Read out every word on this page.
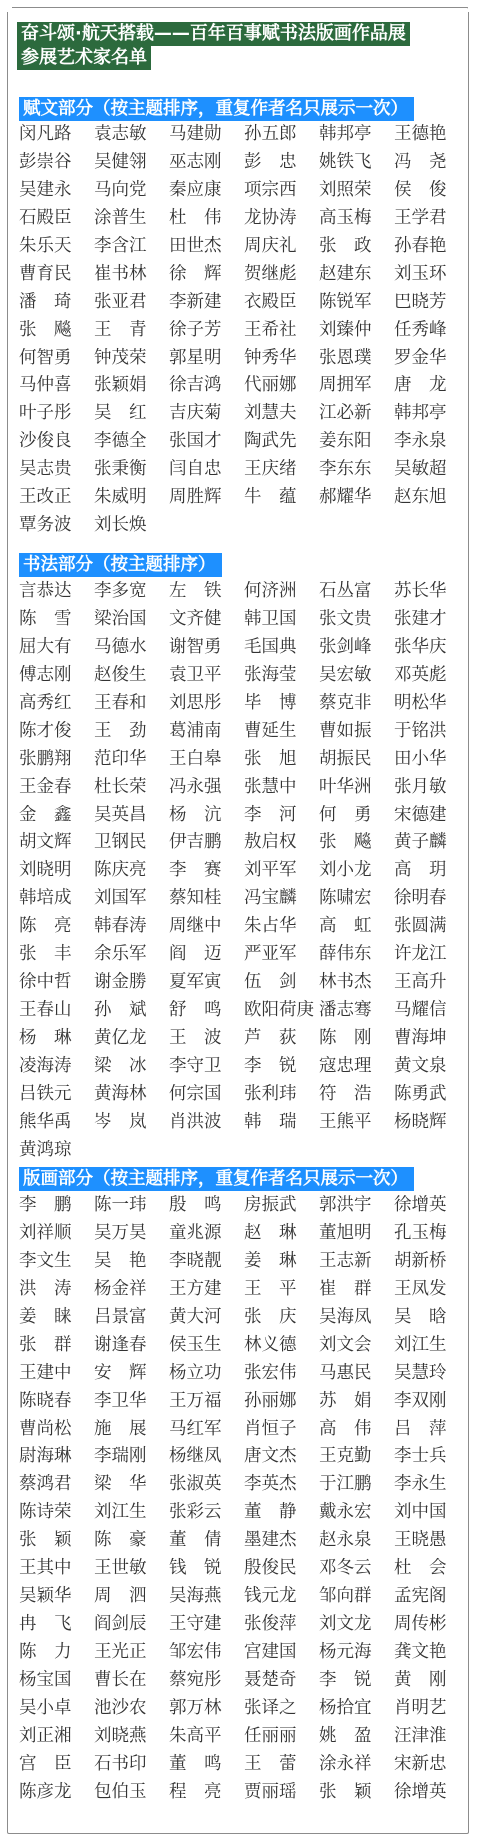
奋斗颂·航天搭载——百年百事赋书法版画作品展
参展艺术家名单
赋文部分（按主题排序，重复作者名只展示一次）
闵凡路	袁志敏	马建勋	孙五郎	韩邦亭	王德艳
彭崇谷	吴健翎	巫志刚	彭　忠	姚铁飞	冯　尧
吴建永	马向党	秦应康	项宗西	刘照荣	侯　俊
石殿臣	涂普生	杜　伟	龙协涛	高玉梅	王学君
朱乐天	李含江	田世杰	周庆礼	张　政	孙春艳
曹育民	崔书林	徐　辉	贺继彪	赵建东	刘玉环
潘　琦	张亚君	李新建	衣殿臣	陈锐军	巴晓芳
张　飚	王　青	徐子芳	王希社	刘臻仲	任秀峰
何智勇	钟茂荣	郭星明	钟秀华	张恩璞	罗金华
马仲喜	张颖娟	徐吉鸿	代丽娜	周拥军	唐　龙
叶子彤	吴　红	吉庆菊	刘慧夫	江必新	韩邦亭
沙俊良	李德全	张国才	陶武先	姜东阳	李永泉
吴志贵	张秉衡	闫自忠	王庆绪	李东东	吴敏超
王改正	朱威明	周胜辉	牛　蕴	郝耀华	赵东旭
覃务波	刘长焕
书法部分（按主题排序）
言恭达	李多宽	左　铁	何济洲	石丛富	苏长华
陈　雪	梁治国	文齐健	韩卫国	张文贵	张建才
屈大有	马德水	谢智勇	毛国典	张剑峰	张华庆
傅志刚	赵俊生	袁卫平	张海莹	吴宏敏	邓英彪
高秀红	王春和	刘思彤	毕　博	蔡克非	明松华
陈才俊	王　劲	葛浦南	曹延生	曹如振	于铭洪
张鹏翔	范印华	王白皋	张　旭	胡振民	田小华
王金春	杜长荣	冯永强	张慧中	叶华洲	张月敏
金　鑫	吴英昌	杨　沆	李　河	何　勇	宋德建
胡文辉	卫钢民	伊吉鹏	敖启权	张　飚	黄子麟
刘晓明	陈庆亮	李　赛	刘平军	刘小龙	高　玥
韩培成	刘国军	蔡知桂	冯宝麟	陈啸宏	徐明春
陈　亮	韩春涛	周继中	朱占华	高　虹	张圆满
张　丰	余乐军	阎　迈	严亚军	薛伟东	许龙江
徐中哲	谢金勝	夏军寅	伍　剑	林书杰	王高升
王春山	孙　斌	舒　鸣	欧阳荷庚 潘志骞	马耀信
杨　琳	黄亿龙	王　波	芦　荻	陈　刚	曹海坤
凌海涛	梁　冰	李守卫	李　锐	寇忠理	黄文泉
吕铁元	黄海林	何宗国	张利玮	符　浩	陈勇武
熊华禹	岑　岚	肖洪波	韩　瑞	王熊平	杨晓辉
黄鸿琼
版画部分（按主题排序，重复作者名只展示一次）
李　鹏	陈一玮	殷　鸣	房振武	郭洪宇	徐增英
刘祥顺	吴万昊	童兆源	赵　琳	董旭明	孔玉梅
李文生	吴　艳	李晓靓	姜　琳	王志新	胡新桥
洪　涛	杨金祥	王方建	王　平	崔　群	王凤发
姜　睐	吕景富	黄大河	张　庆	吴海凤	吴　晗
张　群	谢逢春	侯玉生	林义德	刘文会	刘江生
王建中	安　辉	杨立功	张宏伟	马惠民	吴慧玲
陈晓春	李卫华	王万福	孙丽娜	苏　娟	李双刚
曹尚松	施　展	马红军	肖恒子	高　伟	吕　萍
尉海琳	李瑞刚	杨继凤	唐文杰	王克勤	李士兵
蔡鸿君	梁　华	张淑英	李英杰	于江鹏	李永生
陈诗荣	刘江生	张彩云	董　静	戴永宏	刘中国
张　颖	陈　豪	董　倩	墨建杰	赵永泉	王晓愚
王其中	王世敏	钱　锐	殷俊民	邓冬云	杜　会
吴颖华	周　泗	吴海燕	钱元龙	邹向群	孟宪阁
冉　飞	阎剑辰	王守建	张俊萍	刘文龙	周传彬
陈　力	王光正	邹宏伟	宫建国	杨元海	龚文艳
杨宝国	曹长在	蔡宛彤	聂楚奇	李　锐	黄　刚
吴小卓	池沙农	郭万林	张译之	杨拾宜	肖明艺
刘正湘	刘晓燕	朱高平	任丽丽	姚　盈	汪津淮
宫　臣	石书印	董　鸣	王　蕾	涂永祥	宋新忠
陈彦龙	包伯玉	程　亮	贾丽瑶	张　颖	徐增英
